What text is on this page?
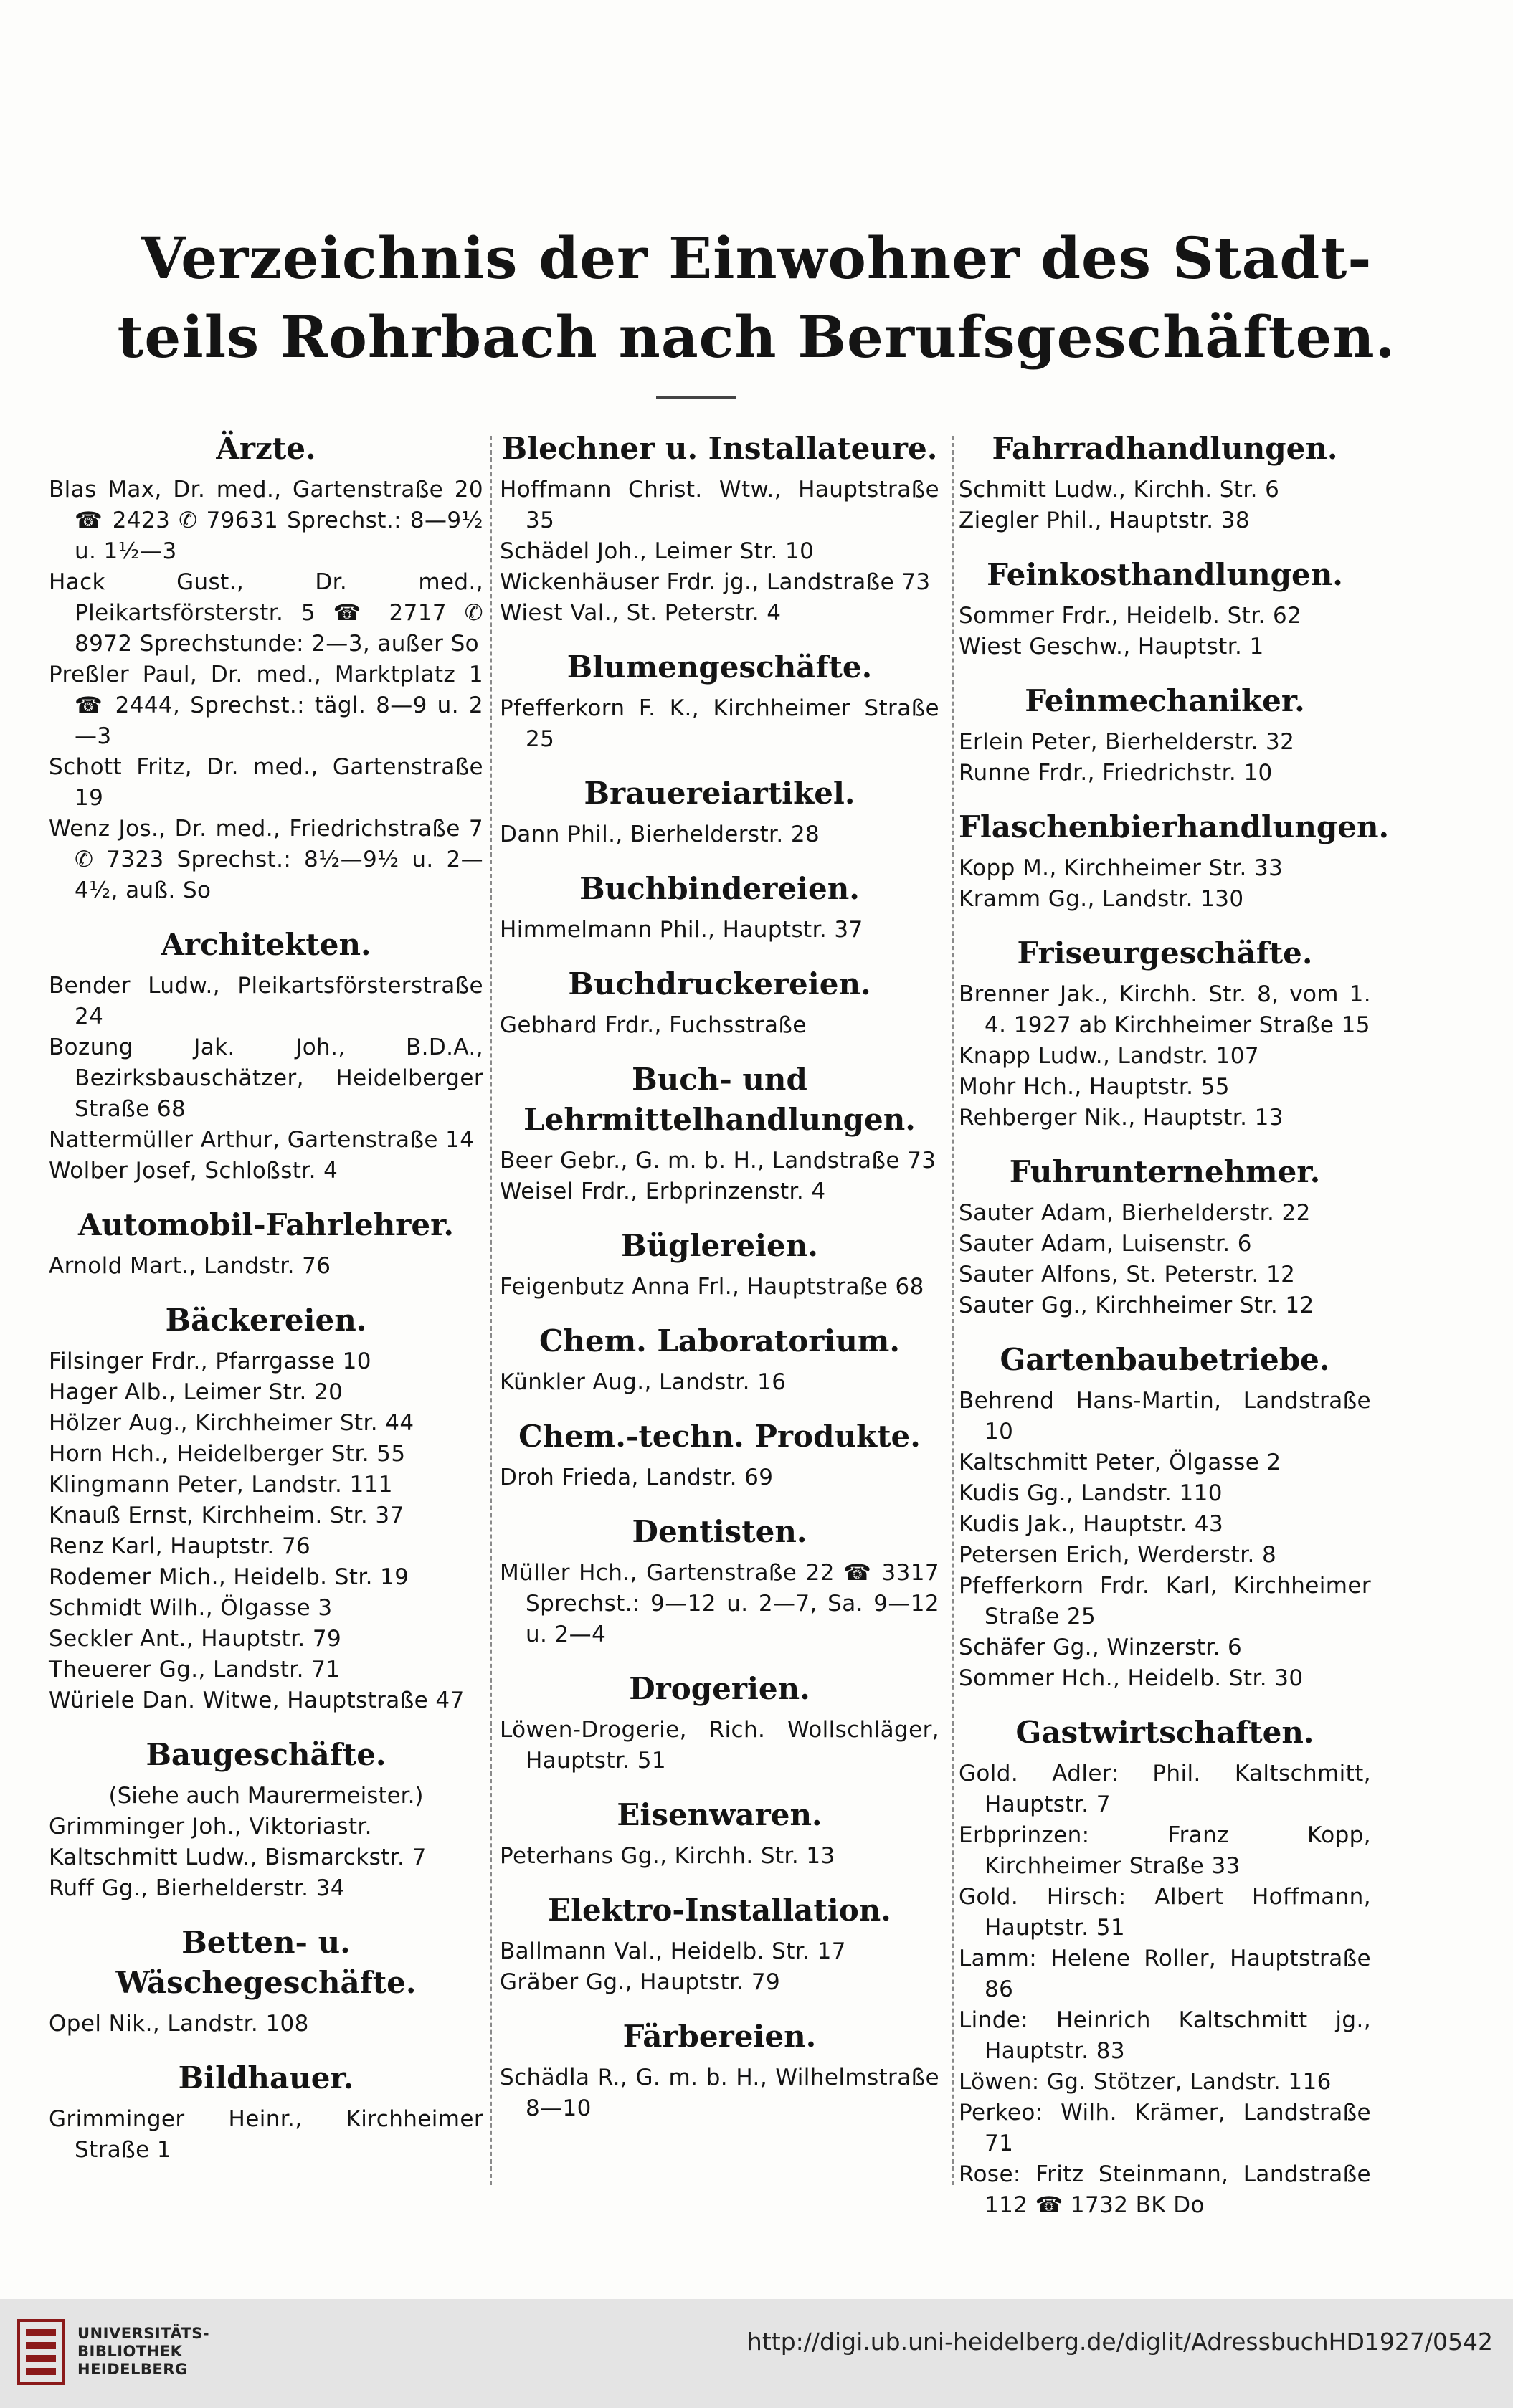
Verzeichnis der Einwohner des Stadt-
teils Rohrbach nach Berufsgeschäften.
Ärzte.
Blas Max, Dr. med., Gartenstraße 20 ☎ 2423 ✆ 79631 Sprechst.: 8—9½ u. 1½—3
Hack Gust., Dr. med., Pleikartsförsterstr. 5 ☎ 2717 ✆ 8972 Sprechstunde: 2—3, außer So
Preßler Paul, Dr. med., Marktplatz 1 ☎ 2444, Sprechst.: tägl. 8—9 u. 2—3
Schott Fritz, Dr. med., Gartenstraße 19
Wenz Jos., Dr. med., Friedrichstraße 7 ✆ 7323 Sprechst.: 8½—9½ u. 2—4½, auß. So
Architekten.
Bender Ludw., Pleikartsförsterstraße 24
Bozung Jak. Joh., B.D.A., Bezirksbauschätzer, Heidelberger Straße 68
Nattermüller Arthur, Gartenstraße 14
Wolber Josef, Schloßstr. 4
Automobil-Fahrlehrer.
Arnold Mart., Landstr. 76
Bäckereien.
Filsinger Frdr., Pfarrgasse 10
Hager Alb., Leimer Str. 20
Hölzer Aug., Kirchheimer Str. 44
Horn Hch., Heidelberger Str. 55
Klingmann Peter, Landstr. 111
Knauß Ernst, Kirchheim. Str. 37
Renz Karl, Hauptstr. 76
Rodemer Mich., Heidelb. Str. 19
Schmidt Wilh., Ölgasse 3
Seckler Ant., Hauptstr. 79
Theuerer Gg., Landstr. 71
Würiele Dan. Witwe, Hauptstraße 47
Baugeschäfte.
(Siehe auch Maurermeister.)
Grimminger Joh., Viktoriastr.
Kaltschmitt Ludw., Bismarckstr. 7
Ruff Gg., Bierhelderstr. 34
Betten- u. Wäschegeschäfte.
Opel Nik., Landstr. 108
Bildhauer.
Grimminger Heinr., Kirchheimer Straße 1
Blechner u. Installateure.
Hoffmann Christ. Wtw., Hauptstraße 35
Schädel Joh., Leimer Str. 10
Wickenhäuser Frdr. jg., Landstraße 73
Wiest Val., St. Peterstr. 4
Blumengeschäfte.
Pfefferkorn F. K., Kirchheimer Straße 25
Brauereiartikel.
Dann Phil., Bierhelderstr. 28
Buchbindereien.
Himmelmann Phil., Hauptstr. 37
Buchdruckereien.
Gebhard Frdr., Fuchsstraße
Buch- und Lehrmittelhandlungen.
Beer Gebr., G. m. b. H., Landstraße 73
Weisel Frdr., Erbprinzenstr. 4
Büglereien.
Feigenbutz Anna Frl., Hauptstraße 68
Chem. Laboratorium.
Künkler Aug., Landstr. 16
Chem.-techn. Produkte.
Droh Frieda, Landstr. 69
Dentisten.
Müller Hch., Gartenstraße 22 ☎ 3317 Sprechst.: 9—12 u. 2—7, Sa. 9—12 u. 2—4
Drogerien.
Löwen-Drogerie, Rich. Wollschläger, Hauptstr. 51
Eisenwaren.
Peterhans Gg., Kirchh. Str. 13
Elektro-Installation.
Ballmann Val., Heidelb. Str. 17
Gräber Gg., Hauptstr. 79
Färbereien.
Schädla R., G. m. b. H., Wilhelmstraße 8—10
Fahrradhandlungen.
Schmitt Ludw., Kirchh. Str. 6
Ziegler Phil., Hauptstr. 38
Feinkosthandlungen.
Sommer Frdr., Heidelb. Str. 62
Wiest Geschw., Hauptstr. 1
Feinmechaniker.
Erlein Peter, Bierhelderstr. 32
Runne Frdr., Friedrichstr. 10
Flaschenbierhandlungen.
Kopp M., Kirchheimer Str. 33
Kramm Gg., Landstr. 130
Friseurgeschäfte.
Brenner Jak., Kirchh. Str. 8, vom 1. 4. 1927 ab Kirchheimer Straße 15
Knapp Ludw., Landstr. 107
Mohr Hch., Hauptstr. 55
Rehberger Nik., Hauptstr. 13
Fuhrunternehmer.
Sauter Adam, Bierhelderstr. 22
Sauter Adam, Luisenstr. 6
Sauter Alfons, St. Peterstr. 12
Sauter Gg., Kirchheimer Str. 12
Gartenbaubetriebe.
Behrend Hans-Martin, Landstraße 10
Kaltschmitt Peter, Ölgasse 2
Kudis Gg., Landstr. 110
Kudis Jak., Hauptstr. 43
Petersen Erich, Werderstr. 8
Pfefferkorn Frdr. Karl, Kirchheimer Straße 25
Schäfer Gg., Winzerstr. 6
Sommer Hch., Heidelb. Str. 30
Gastwirtschaften.
Gold. Adler: Phil. Kaltschmitt, Hauptstr. 7
Erbprinzen: Franz Kopp, Kirchheimer Straße 33
Gold. Hirsch: Albert Hoffmann, Hauptstr. 51
Lamm: Helene Roller, Hauptstraße 86
Linde: Heinrich Kaltschmitt jg., Hauptstr. 83
Löwen: Gg. Stötzer, Landstr. 116
Perkeo: Wilh. Krämer, Landstraße 71
Rose: Fritz Steinmann, Landstraße 112 ☎ 1732 BK Do
UNIVERSITÄTS-
BIBLIOTHEK
HEIDELBERG
http://digi.ub.uni-heidelberg.de/diglit/AdressbuchHD1927/0542
